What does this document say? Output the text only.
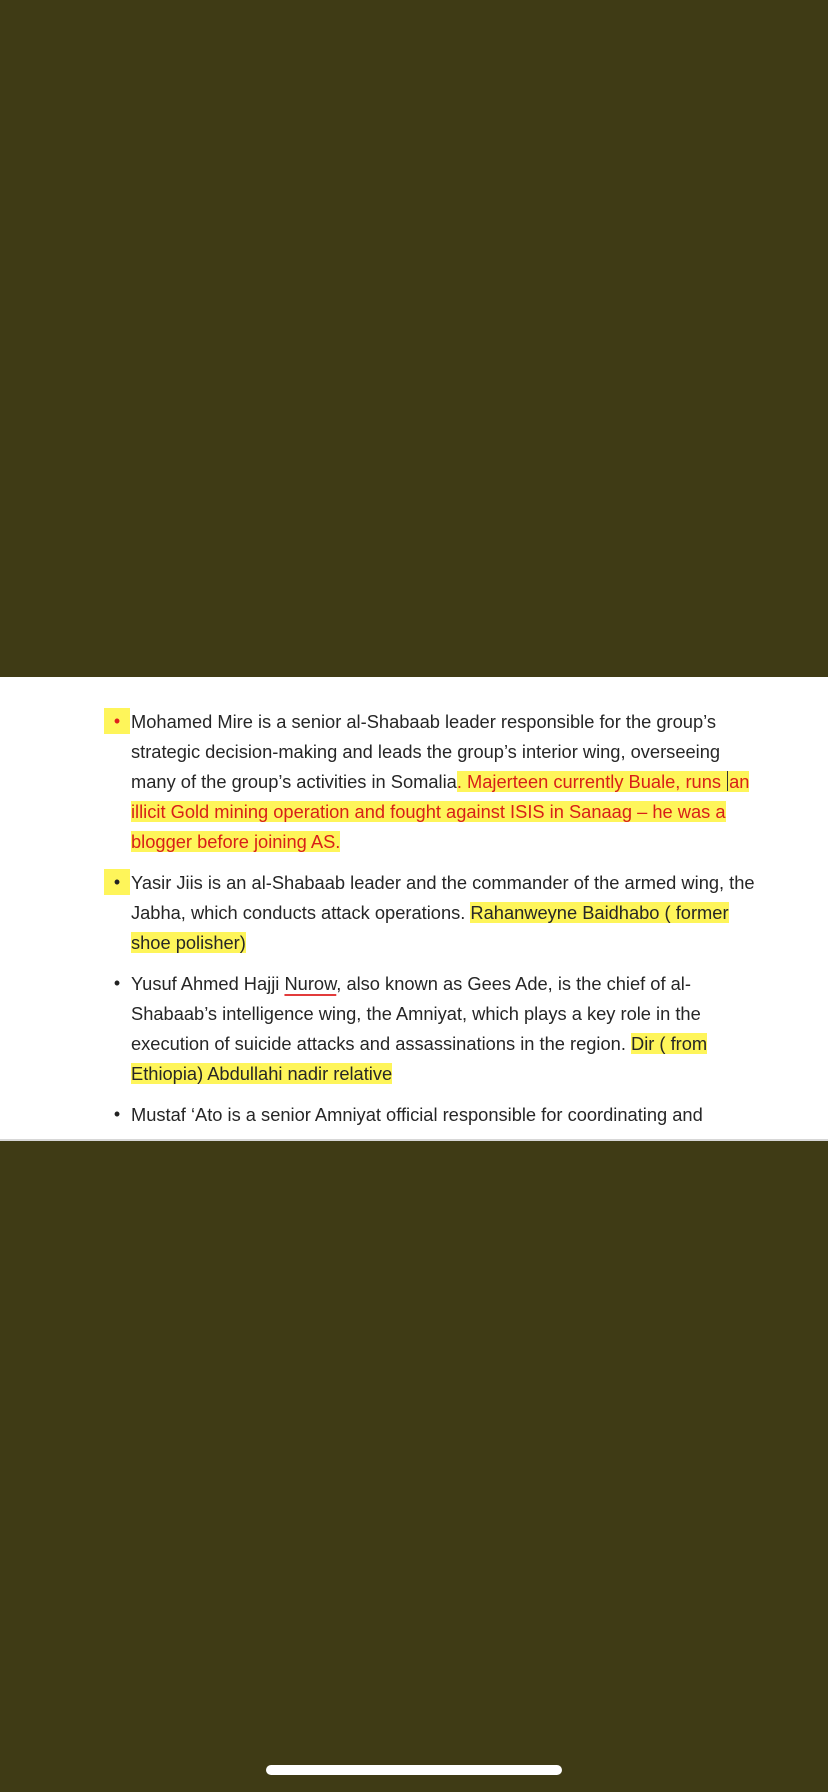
• Mohamed Mire is a senior al-Shabaab leader responsible for the group’s strategic decision-making and leads the group’s interior wing, overseeing many of the group’s activities in Somalia. Majerteen currently Buale, runs an illicit Gold mining operation and fought against ISIS in Sanaag – he was a blogger before joining AS.
• Yasir Jiis is an al-Shabaab leader and the commander of the armed wing, the Jabha, which conducts attack operations. Rahanweyne Baidhabo ( former shoe polisher)
• Yusuf Ahmed Hajji Nurow, also known as Gees Ade, is the chief of al-Shabaab’s intelligence wing, the Amniyat, which plays a key role in the execution of suicide attacks and assassinations in the region. Dir ( from Ethiopia) Abdullahi nadir relative
• Mustaf ‘Ato is a senior Amniyat official responsible for coordinating and
